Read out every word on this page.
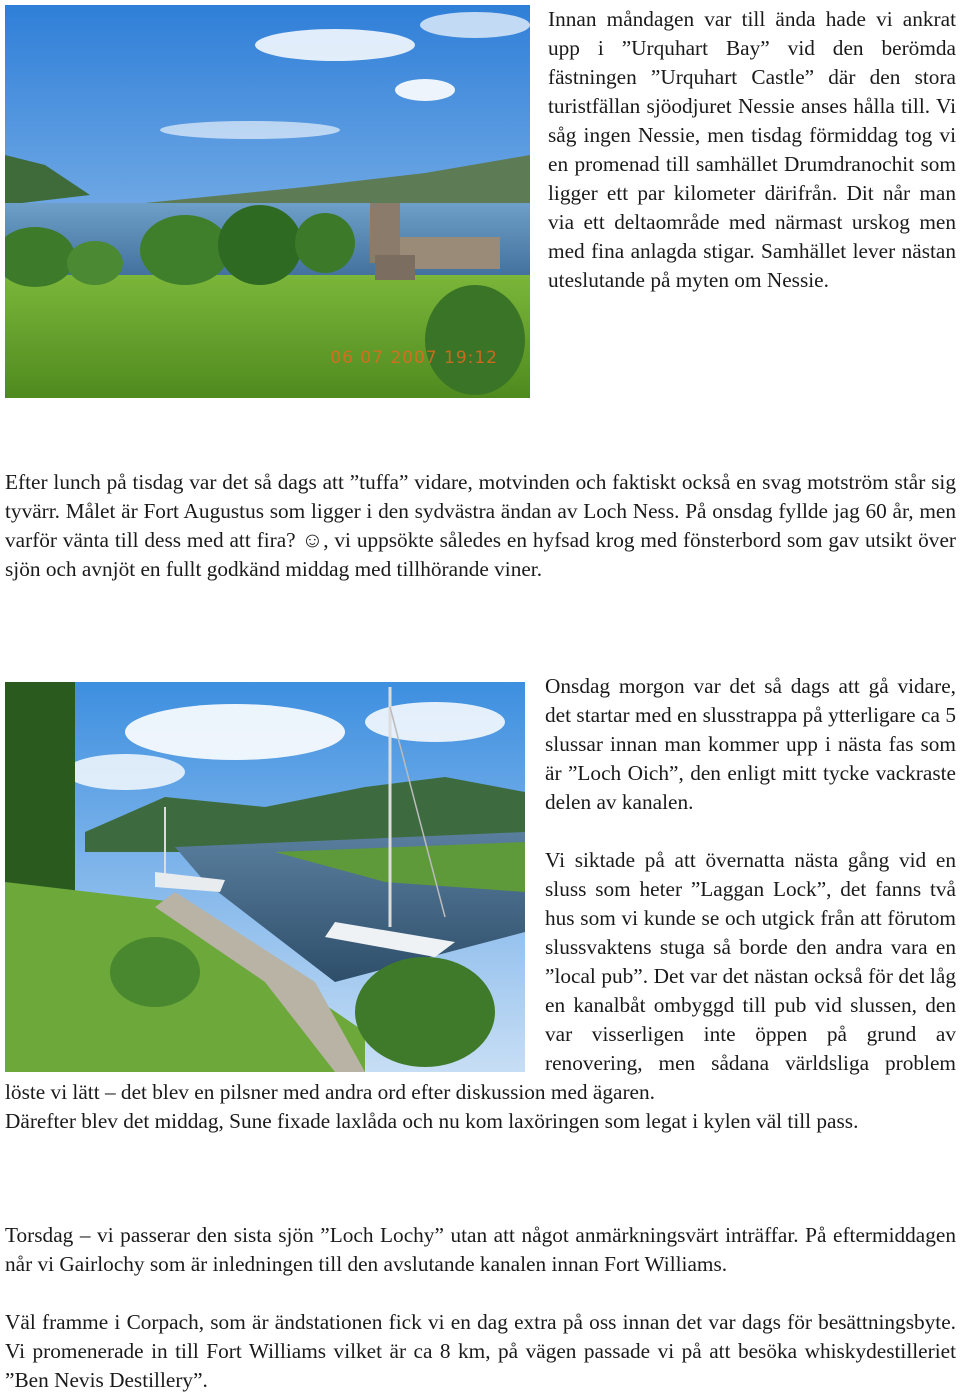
06 07 2007 19:12

Innan måndagen var till ända hade vi ankrat upp i ”Urquhart Bay” vid den berömda fästningen ”Urquhart Castle” där den stora turistfällan sjöodjuret Nessie anses hålla till. Vi såg ingen Nessie, men tisdag förmiddag tog vi en promenad till samhället Drumdranochit som ligger ett par kilometer därifrån. Dit når man via ett deltaområde med närmast urskog men med fina anlagda stigar. Samhället lever nästan uteslutande på myten om Nessie.

Efter lunch på tisdag var det så dags att ”tuffa” vidare, motvinden och faktiskt också en svag motström står sig tyvärr. Målet är Fort Augustus som ligger i den sydvästra ändan av Loch Ness. På onsdag fyllde jag 60 år, men varför vänta till dess med att fira? ☺, vi uppsökte således en hyfsad krog med fönsterbord som gav utsikt över sjön och avnjöt en fullt godkänd middag med tillhörande viner.

Onsdag morgon var det så dags att gå vidare, det startar med en slusstrappa på ytterligare ca 5 slussar innan man kommer upp i nästa fas som är ”Loch Oich”, den enligt mitt tycke vackraste delen av kanalen.

Vi siktade på att övernatta nästa gång vid en sluss som heter ”Laggan Lock”, det fanns två hus som vi kunde se och utgick från att förutom slussvaktens stuga så borde den andra vara en ”local pub”. Det var det nästan också för det låg en kanalbåt ombyggd till pub vid slussen, den var visserligen inte öppen på grund av renovering, men sådana världsliga problem löste vi lätt – det blev en pilsner med andra ord efter diskussion med ägaren.

Därefter blev det middag, Sune fixade laxlåda och nu kom laxöringen som legat i kylen väl till pass.

Torsdag – vi passerar den sista sjön ”Loch Lochy” utan att något anmärkningsvärt inträffar. På eftermiddagen når vi Gairlochy som är inledningen till den avslutande kanalen innan Fort Williams.

Väl framme i Corpach, som är ändstationen fick vi en dag extra på oss innan det var dags för besättningsbyte. Vi promenerade in till Fort Williams vilket är ca 8 km, på vägen passade vi på att besöka whiskydestilleriet ”Ben Nevis Destillery”.
